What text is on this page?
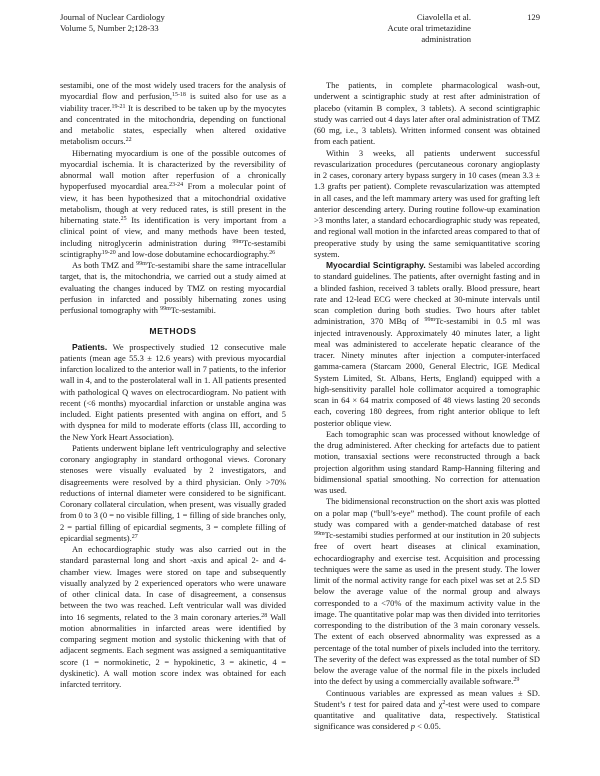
Journal of Nuclear Cardiology
Volume 5, Number 2;128-33
Ciavolella et al.
Acute oral trimetazidine administration
129

sestamibi, one of the most widely used tracers for the analysis of myocardial flow and perfusion,$^{15-18}$ is suited also for use as a viability tracer.$^{19-21}$ It is described to be taken up by the myocytes and concentrated in the mitochondria, depending on functional and metabolic states, especially when altered oxidative metabolism occurs.$^{22}$

Hibernating myocardium is one of the possible outcomes of myocardial ischemia. It is characterized by the reversibility of abnormal wall motion after reperfusion of a chronically hypoperfused myocardial area.$^{23-24}$ From a molecular point of view, it has been hypothesized that a mitochondrial oxidative metabolism, though at very reduced rates, is still present in the hibernating state.$^{25}$ Its identification is very important from a clinical point of view, and many methods have been tested, including nitroglycerin administration during $^{99m}$Tc-sestamibi scintigraphy$^{19-20}$ and low-dose dobutamine echocardiography.$^{26}$

As both TMZ and $^{99m}$Tc-sestamibi share the same intracellular target, that is, the mitochondria, we carried out a study aimed at evaluating the changes induced by TMZ on resting myocardial perfusion in infarcted and possibly hibernating zones using perfusional tomography with $^{99m}$Tc-sestamibi.

METHODS

Patients. We prospectively studied 12 consecutive male patients (mean age 55.3 ± 12.6 years) with previous myocardial infarction localized to the anterior wall in 7 patients, to the inferior wall in 4, and to the posterolateral wall in 1. All patients presented with pathological Q waves on electrocardiogram. No patient with recent (<6 months) myocardial infarction or unstable angina was included. Eight patients presented with angina on effort, and 5 with dyspnea for mild to moderate efforts (class III, according to the New York Heart Association).

Patients underwent biplane left ventriculography and selective coronary angiography in standard orthogonal views. Coronary stenoses were visually evaluated by 2 investigators, and disagreements were resolved by a third physician. Only >70% reductions of internal diameter were considered to be significant. Coronary collateral circulation, when present, was visually graded from 0 to 3 (0 = no visible filling, 1 = filling of side branches only, 2 = partial filling of epicardial segments, 3 = complete filling of epicardial segments).$^{27}$

An echocardiographic study was also carried out in the standard parasternal long and short -axis and apical 2- and 4-chamber view. Images were stored on tape and subsequently visually analyzed by 2 experienced operators who were unaware of other clinical data. In case of disagreement, a consensus between the two was reached. Left ventricular wall was divided into 16 segments, related to the 3 main coronary arteries.$^{28}$ Wall motion abnormalities in infarcted areas were identified by comparing segment motion and systolic thickening with that of adjacent segments. Each segment was assigned a semiquantitative score (1 = normokinetic, 2 = hypokinetic, 3 = akinetic, 4 = dyskinetic). A wall motion score index was obtained for each infarcted territory.

The patients, in complete pharmacological wash-out, underwent a scintigraphic study at rest after administration of placebo (vitamin B complex, 3 tablets). A second scintigraphic study was carried out 4 days later after oral administration of TMZ (60 mg, i.e., 3 tablets). Written informed consent was obtained from each patient.

Within 3 weeks, all patients underwent successful revascularization procedures (percutaneous coronary angioplasty in 2 cases, coronary artery bypass surgery in 10 cases (mean 3.3 ± 1.3 grafts per patient). Complete revascularization was attempted in all cases, and the left mammary artery was used for grafting left anterior descending artery. During routine follow-up examination >3 months later, a standard echocardiographic study was repeated, and regional wall motion in the infarcted areas compared to that of preoperative study by using the same semiquantitative scoring system.

Myocardial Scintigraphy. Sestamibi was labeled according to standard guidelines. The patients, after overnight fasting and in a blinded fashion, received 3 tablets orally. Blood pressure, heart rate and 12-lead ECG were checked at 30-minute intervals until scan completion during both studies. Two hours after tablet administration, 370 MBq of $^{99m}$Tc-sestamibi in 0.5 ml was injected intravenously. Approximately 40 minutes later, a light meal was administered to accelerate hepatic clearance of the tracer. Ninety minutes after injection a computer-interfaced gamma-camera (Starcam 2000, General Electric, IGE Medical System Limited, St. Albans, Herts, England) equipped with a high-sensitivity parallel hole collimator acquired a tomographic scan in 64 × 64 matrix composed of 48 views lasting 20 seconds each, covering 180 degrees, from right anterior oblique to left posterior oblique view.

Each tomographic scan was processed without knowledge of the drug administered. After checking for artefacts due to patient motion, transaxial sections were reconstructed through a back projection algorithm using standard Ramp-Hanning filtering and bidimensional spatial smoothing. No correction for attenuation was used.

The bidimensional reconstruction on the short axis was plotted on a polar map (“bull’s-eye” method). The count profile of each study was compared with a gender-matched database of rest $^{99m}$Tc-sestamibi studies performed at our institution in 20 subjects free of overt heart diseases at clinical examination, echocardiography and exercise test. Acquisition and processing techniques were the same as used in the present study. The lower limit of the normal activity range for each pixel was set at 2.5 SD below the average value of the normal group and always corresponded to a <70% of the maximum activity value in the image. The quantitative polar map was then divided into territories corresponding to the distribution of the 3 main coronary vessels. The extent of each observed abnormality was expressed as a percentage of the total number of pixels included into the territory. The severity of the defect was expressed as the total number of SD below the average value of the normal file in the pixels included into the defect by using a commercially available software.$^{29}$

Continuous variables are expressed as mean values ± SD. Student’s t test for paired data and $\chi^2$-test were used to compare quantitative and qualitative data, respectively. Statistical significance was considered p < 0.05.
